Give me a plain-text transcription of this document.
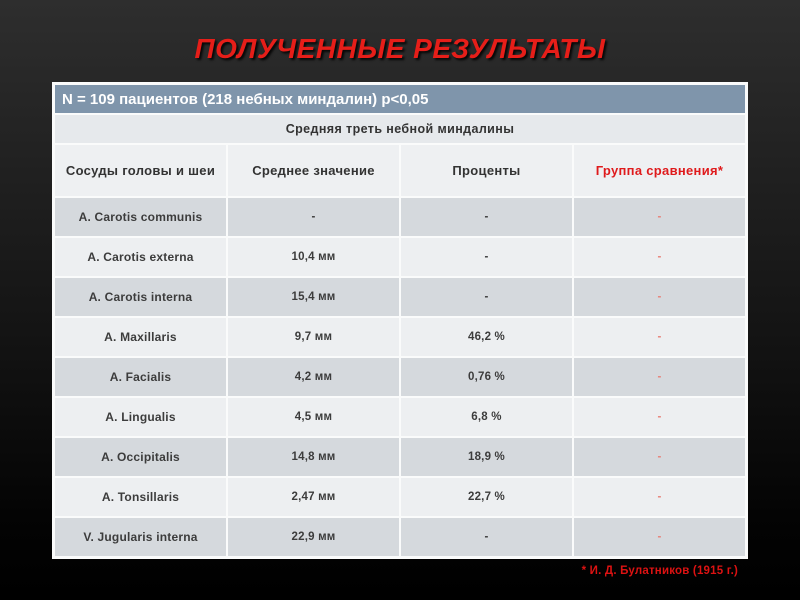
ПОЛУЧЕННЫЕ РЕЗУЛЬТАТЫ
N = 109 пациентов (218 небных миндалин) p<0,05			
Средняя треть небной миндалины			
Сосуды головы и шеи	Среднее значение	Проценты	Группа сравнения*
A. Carotis communis	-	-	-
A. Carotis externa	10,4 мм	-	-
A. Carotis interna	15,4 мм	-	-
A. Maxillaris	9,7 мм	46,2 %	-
A. Facialis	4,2 мм	0,76 %	-
A. Lingualis	4,5 мм	6,8 %	-
A. Occipitalis	14,8 мм	18,9 %	-
A. Tonsillaris	2,47 мм	22,7 %	-
V. Jugularis interna	22,9 мм	-	-
* И. Д. Булатников (1915 г.)
